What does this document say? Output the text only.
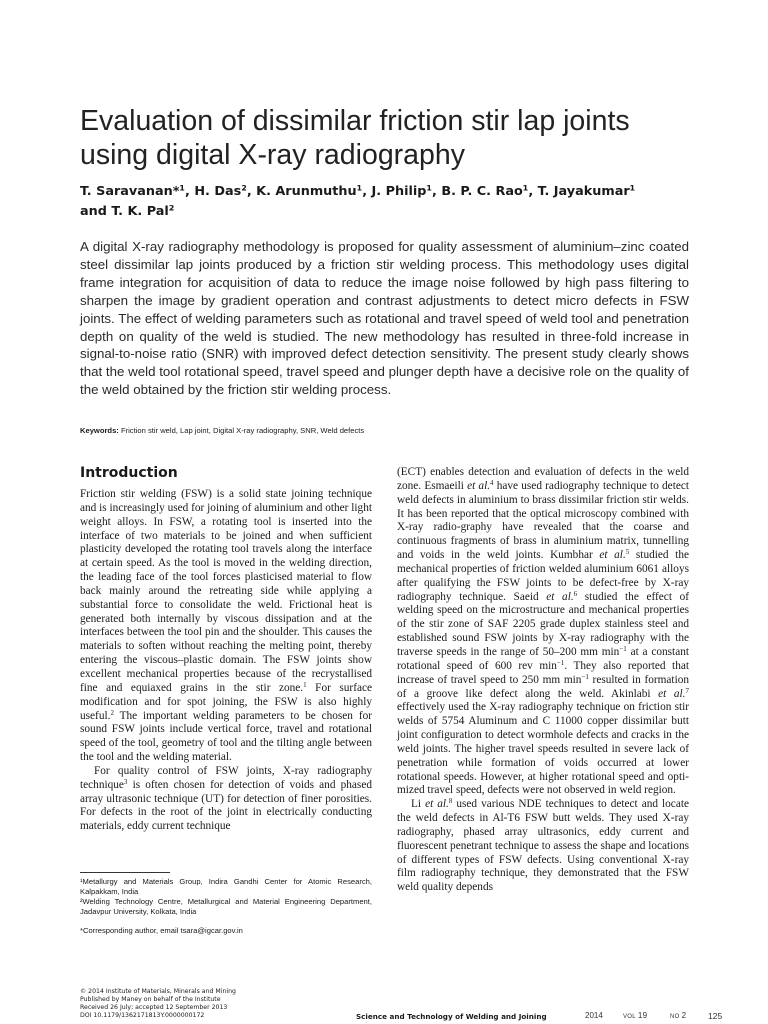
Evaluation of dissimilar friction stir lap joints using digital X-ray radiography
T. Saravanan*¹, H. Das², K. Arunmuthu¹, J. Philip¹, B. P. C. Rao¹, T. Jayakumar¹
and T. K. Pal²

A digital X-ray radiography methodology is proposed for quality assessment of aluminium–zinc coated steel dissimilar lap joints produced by a friction stir welding process. This methodology uses digital frame integration for acquisition of data to reduce the image noise followed by high pass filtering to sharpen the image by gradient operation and contrast adjustments to detect micro defects in FSW joints. The effect of welding parameters such as rotational and travel speed of weld tool and penetration depth on quality of the weld is studied. The new methodology has resulted in three-fold increase in signal-to-noise ratio (SNR) with improved defect detection sensitivity. The present study clearly shows that the weld tool rotational speed, travel speed and plunger depth have a decisive role on the quality of the weld obtained by the friction stir welding process.

Keywords: Friction stir weld, Lap joint, Digital X-ray radiography, SNR, Weld defects

Introduction

Friction stir welding (FSW) is a solid state joining technique and is increasingly used for joining of aluminium and other light weight alloys. In FSW, a rotating tool is inserted into the interface of two materials to be joined and when sufficient plasticity developed the rotating tool travels along the interface at certain speed. As the tool is moved in the welding direction, the leading face of the tool forces plasticised material to flow back mainly around the retreating side while applying a substantial force to consolidate the weld. Frictional heat is generated both internally by viscous dissipation and at the interfaces between the tool pin and the shoulder. This causes the materials to soften without reaching the melting point, thereby entering the viscous–plastic domain. The FSW joints show excellent mechanical properties because of the recrystallised fine and equiaxed grains in the stir zone.$^1$ For surface modification and for spot joining, the FSW is also highly useful.$^2$ The important welding parameters to be chosen for sound FSW joints include vertical force, travel and rotational speed of the tool, geometry of tool and the tilting angle between the tool and the welding material.

For quality control of FSW joints, X-ray radiography technique$^3$ is often chosen for detection of voids and phased array ultrasonic technique (UT) for detection of finer porosities. For defects in the root of the joint in electrically conducting materials, eddy current technique

(ECT) enables detection and evaluation of defects in the weld zone. Esmaeili et al.$^4$ have used radiography technique to detect weld defects in aluminium to brass dissimilar friction stir welds. It has been reported that the optical microscopy combined with X-ray radio-graphy have revealed that the coarse and continuous fragments of brass in aluminium matrix, tunnelling and voids in the weld joints. Kumbhar et al.$^5$ studied the mechanical properties of friction welded aluminium 6061 alloys after qualifying the FSW joints to be defect-free by X-ray radiography technique. Saeid et al.$^6$ studied the effect of welding speed on the microstructure and mechanical properties of the stir zone of SAF 2205 grade duplex stainless steel and established sound FSW joints by X-ray radiography with the traverse speeds in the range of 50–200 mm $\min^{-1}$ at a constant rotational speed of 600 rev $\min^{-1}$. They also reported that increase of travel speed to 250 mm $\min^{-1}$ resulted in formation of a groove like defect along the weld. Akinlabi et al.$^7$ effectively used the X-ray radiography technique on friction stir welds of 5754 Aluminum and C 11000 copper dissimilar butt joint configuration to detect wormhole defects and cracks in the weld joints. The higher travel speeds resulted in severe lack of penetration while formation of voids occurred at lower rotational speeds. However, at higher rotational speed and opti-mized travel speed, defects were not observed in weld region.

Li et al.$^8$ used various NDE techniques to detect and locate the weld defects in Al-T6 FSW butt welds. They used X-ray radiography, phased array ultrasonics, eddy current and fluorescent penetrant technique to assess the shape and locations of different types of FSW defects. Using conventional X-ray film radiography technique, they demonstrated that the FSW weld quality depends

¹Metallurgy and Materials Group, Indira Gandhi Center for Atomic Research, Kalpakkam, India

²Welding Technology Centre, Metallurgical and Material Engineering Department, Jadavpur University, Kolkata, India

*Corresponding author, email tsara@igcar.gov.in

© 2014 Institute of Materials, Minerals and Mining
Published by Maney on behalf of the Institute
Received 26 July; accepted 12 September 2013
DOI 10.1179/1362171813Y.0000000172	Science and Technology of Welding and Joining	2014	VOL 19	NO 2	125
